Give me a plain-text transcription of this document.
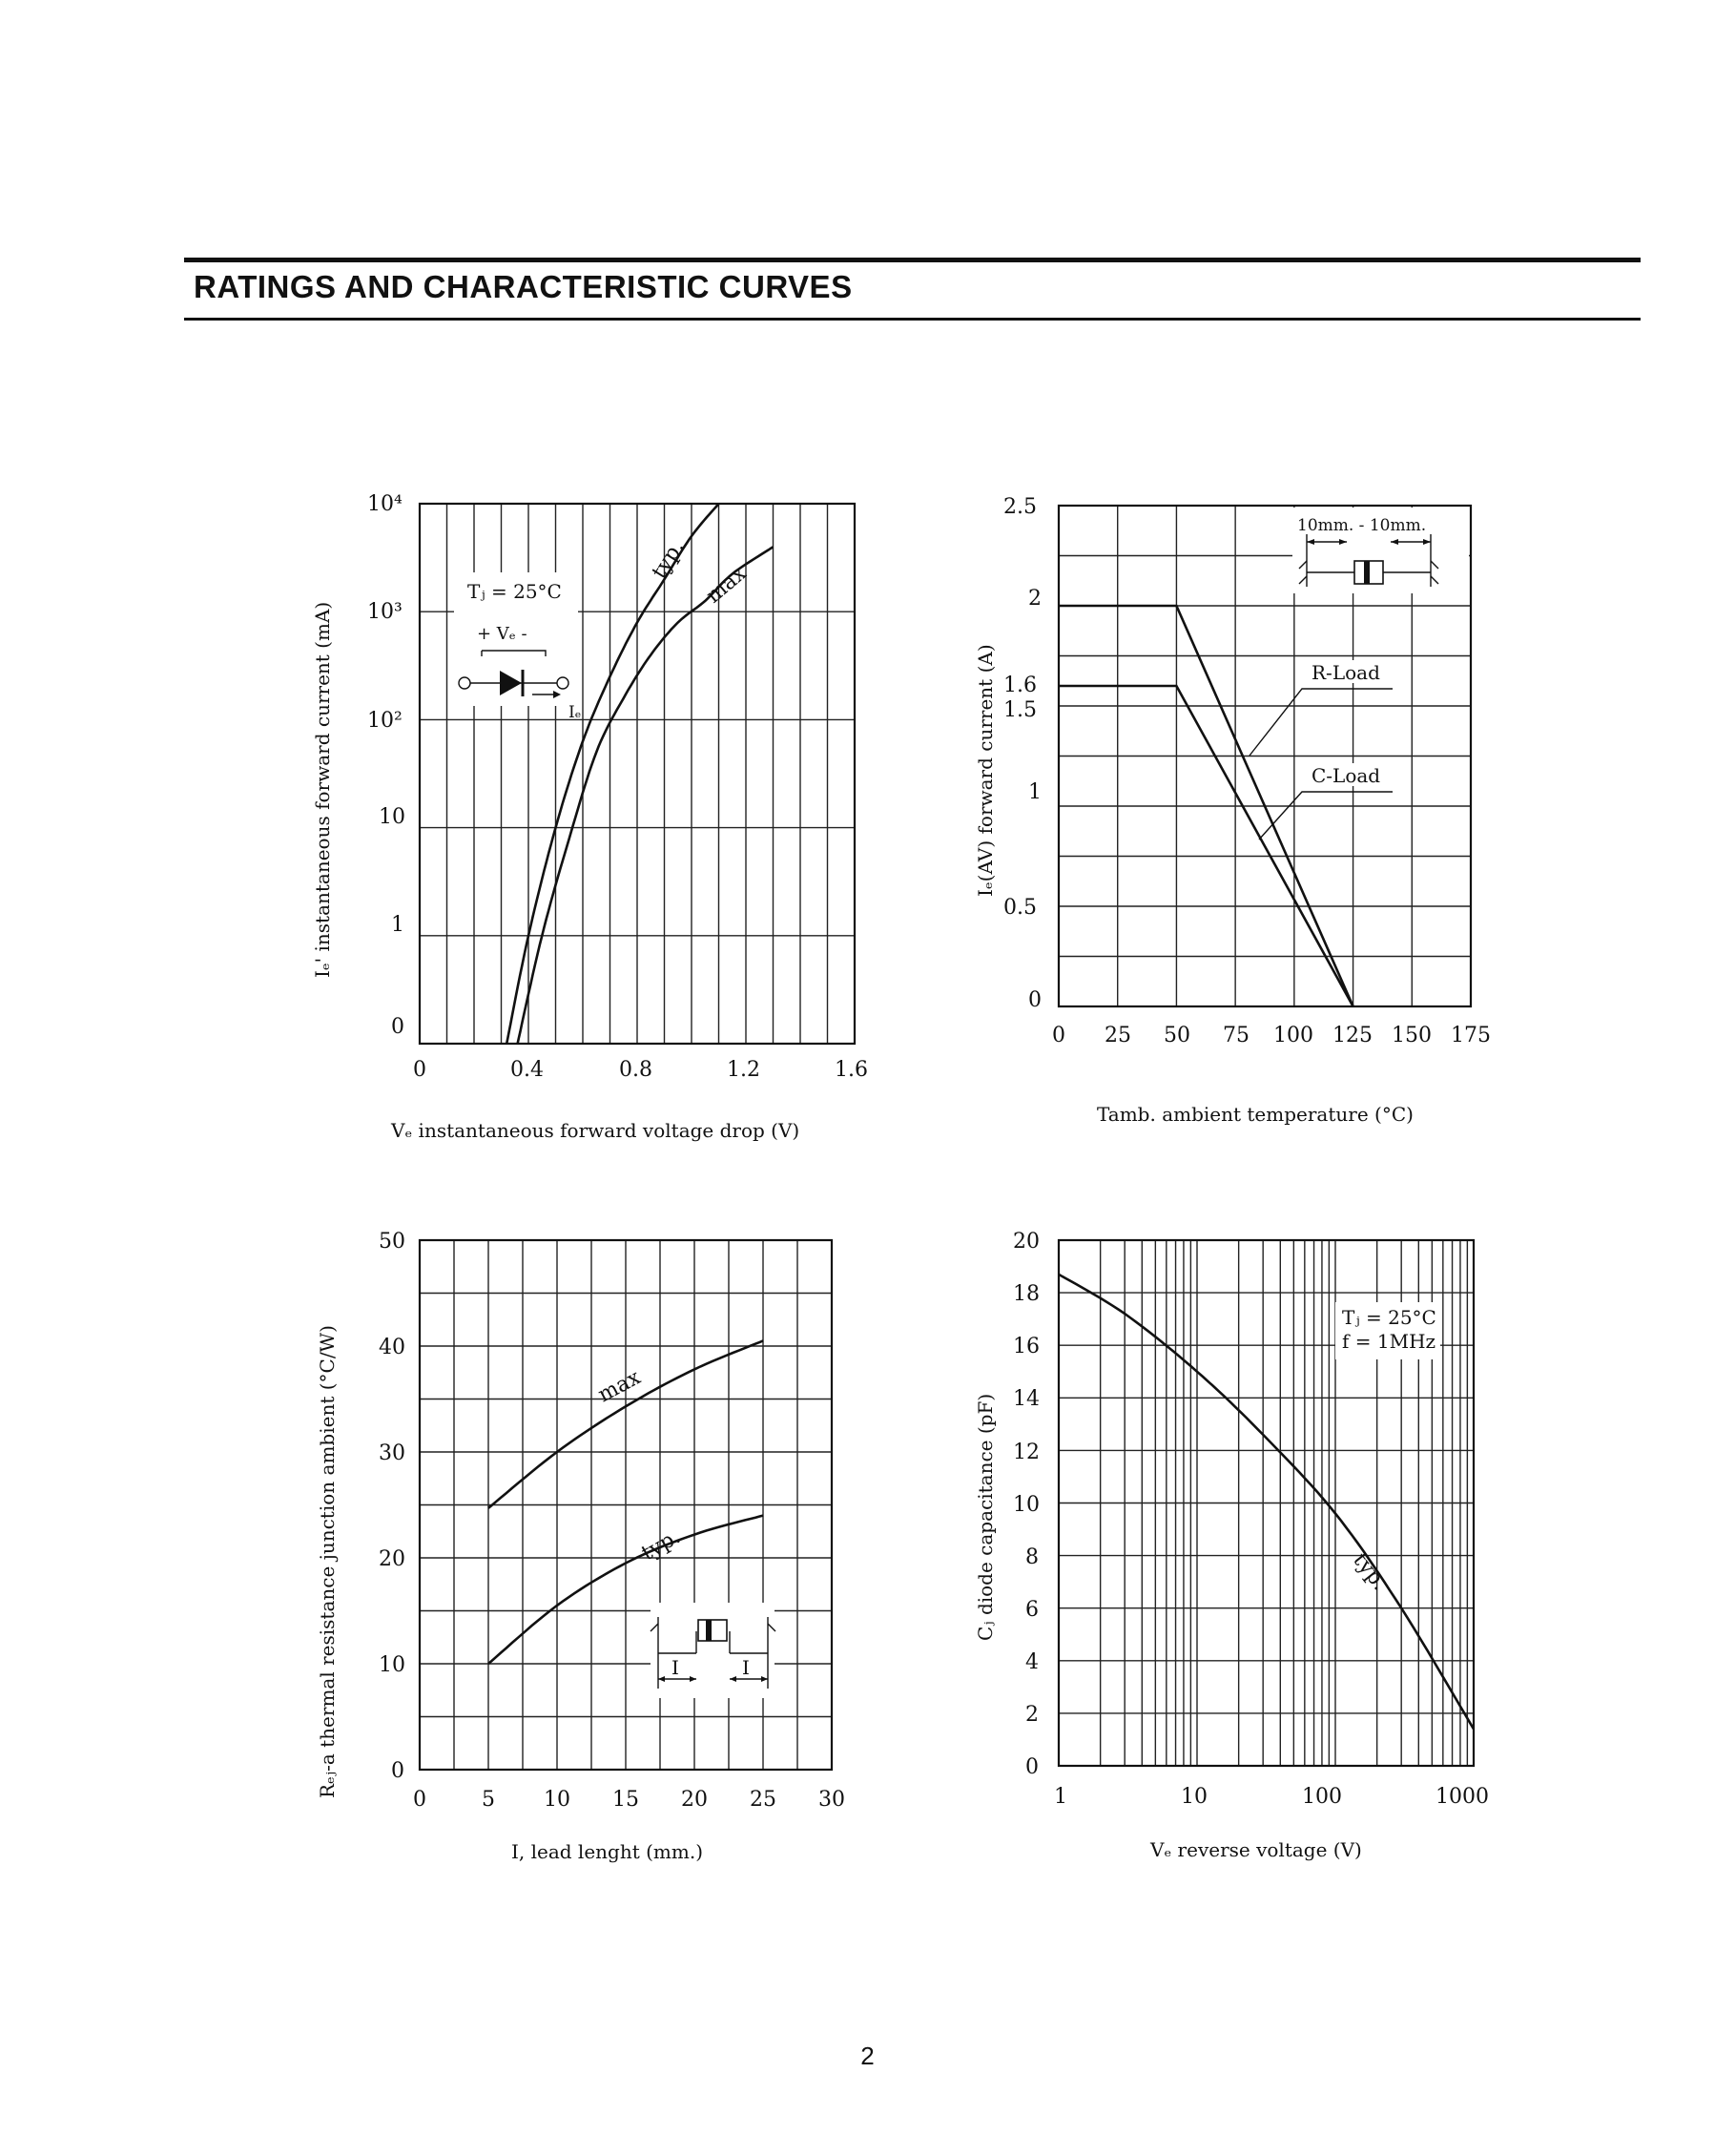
RATINGS AND CHARACTERISTIC CURVES
10⁴
10³
10²
10
1
0
0	0.4	0.8	1.2	1.6
Vₑ instantaneous forward voltage drop (V)
Iₑ' instantaneous forward current (mA)
Tⱼ = 25°C
+ Vₑ -
Iₑ
typ.
max
10mm. - 10mm.
R-Load
C-Load
2.5
2
1.6
1.5
1
0.5
0
0 25 50 75 100 125 150 175
Tamb. ambient temperature (°C)
Iₑ(AV) forward current (A)
I	I
max
typ.
50
40
30
20
10
0
0	5 10 15 20 25 30
I, lead lenght (mm.)
Rₑⱼ-a thermal resistance junction ambient (°C/W)
Tⱼ = 25°C
f = 1MHz
typ.
20
18
16
14
12
10
8
6
4
2
0
1	10	100	1000
Vₑ reverse voltage (V)
Cⱼ diode capacitance (pF)
2
